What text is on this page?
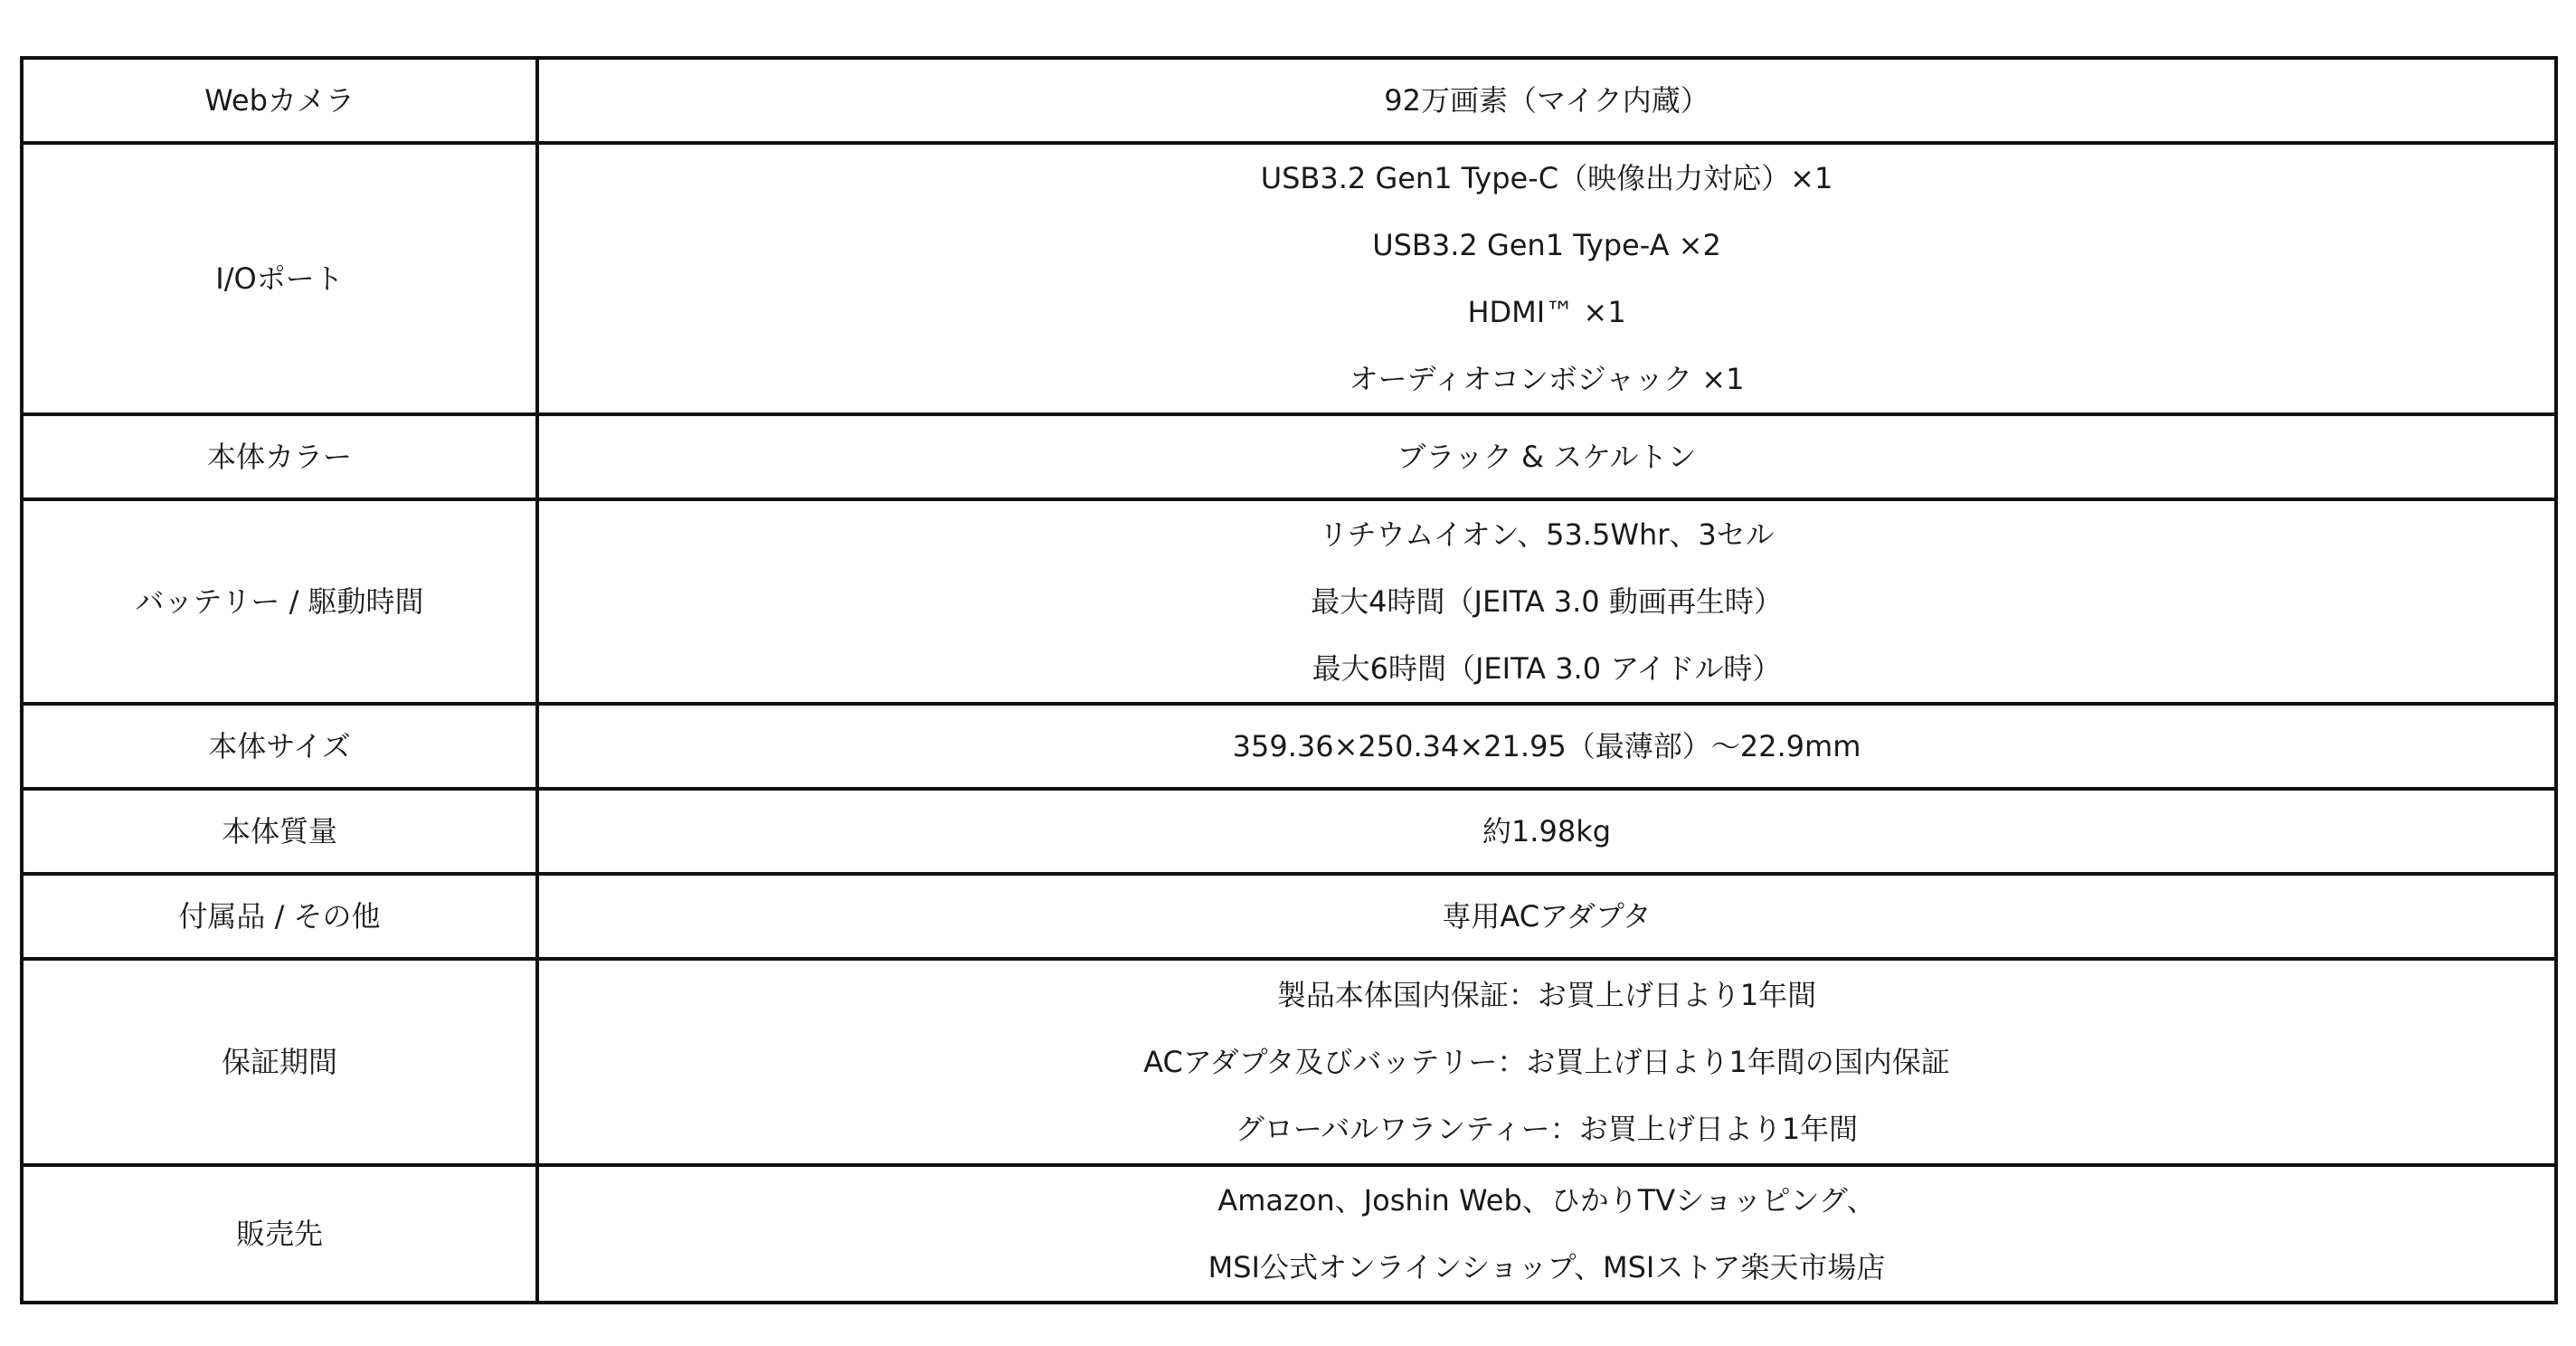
Webカメラ	92万画素（マイク内蔵）

I/Oポート	USB3.2 Gen1 Type-C（映像出力対応）×1
USB3.2 Gen1 Type-A ×2
HDMI™ ×1
オーディオコンボジャック ×1

本体カラー	ブラック & スケルトン

バッテリー / 駆動時間	リチウムイオン、53.5Whr、3セル
最大4時間（JEITA 3.0 動画再生時）
最大6時間（JEITA 3.0 アイドル時）

本体サイズ	359.36×250.34×21.95（最薄部）～22.9mm

本体質量	約1.98kg

付属品 / その他	専用ACアダプタ

保証期間	製品本体国内保証：お買上げ日より1年間
ACアダプタ及びバッテリー：お買上げ日より1年間の国内保証
グローバルワランティー：お買上げ日より1年間

販売先	Amazon、Joshin Web、ひかりTVショッピング、
MSI公式オンラインショップ、MSIストア楽天市場店
